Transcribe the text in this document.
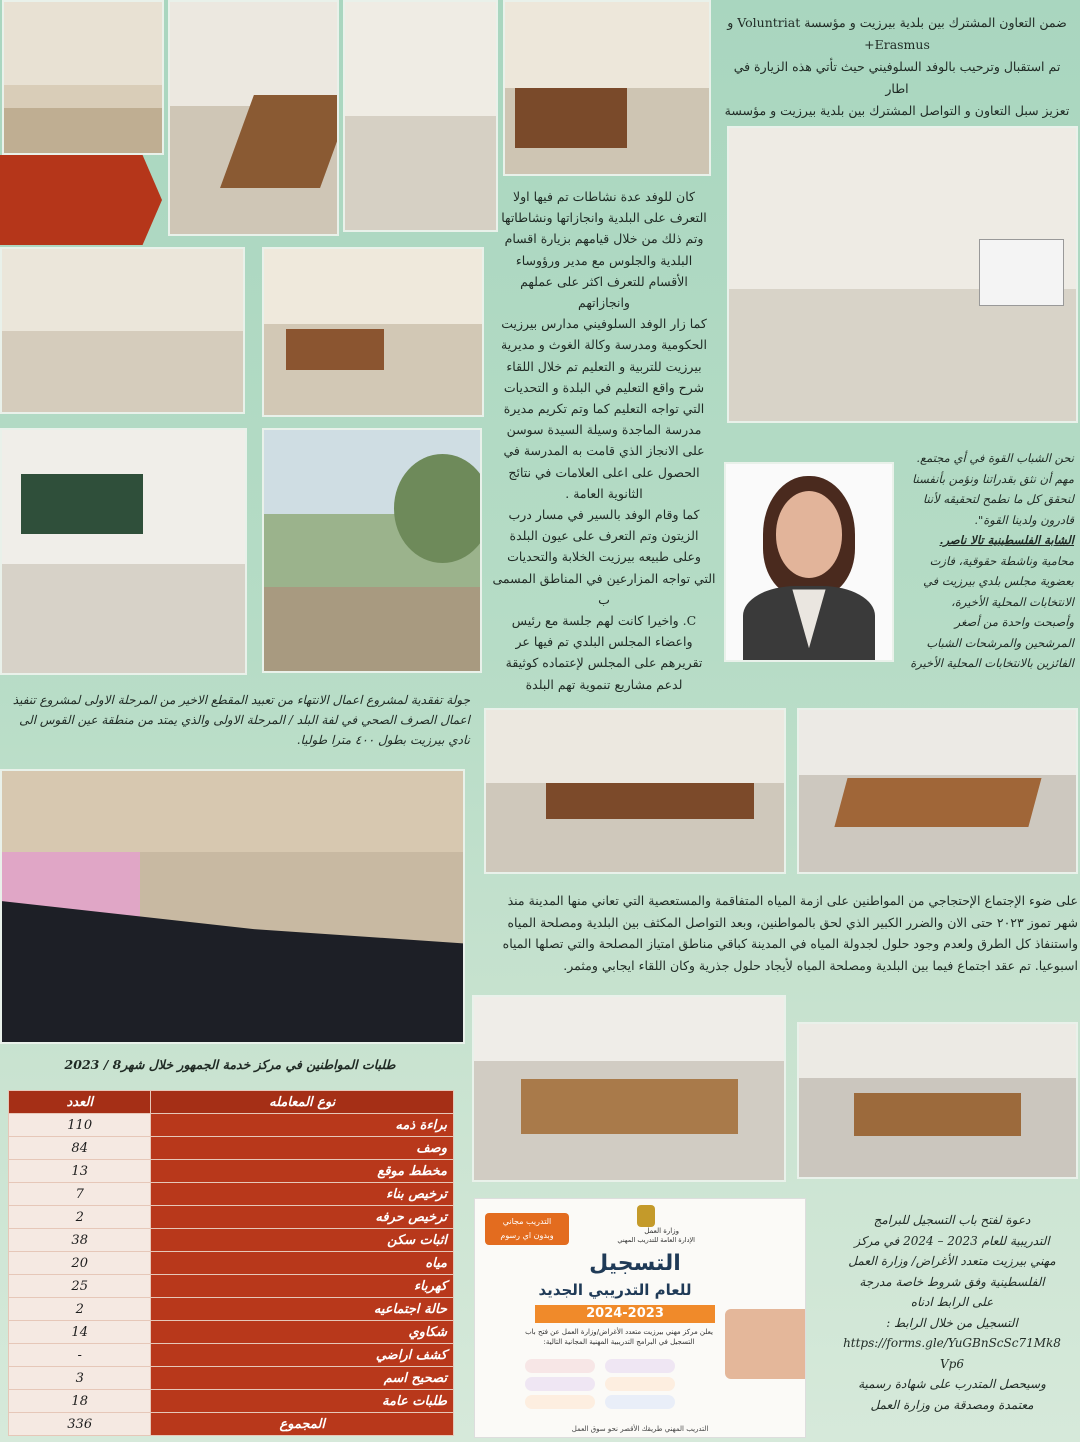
ضمن التعاون المشترك بين بلدية بيرزيت و مؤسسة Voluntriat و
Erasmus+
تم استقبال وترحيب بالوفد السلوفيني حيث تأتي هذه الزيارة في اطار
تعزيز سبل التعاون و التواصل المشترك بين بلدية بيرزيت و مؤسسة
كان للوفد عدة نشاطات تم فيها اولا
التعرف على البلدية وانجازاتها ونشاطاتها
وتم ذلك من خلال قيامهم بزيارة اقسام
البلدية والجلوس مع مدير ورؤوساء
الأقسام للتعرف اكثر على عملهم
وانجازاتهم
كما زار الوفد السلوفيني مدارس بيرزيت
الحكومية ومدرسة وكالة الغوث و مديرية
بيرزيت للتربية و التعليم تم خلال اللقاء
شرح واقع التعليم في البلدة و التحديات
التي تواجه التعليم كما وتم تكريم مديرة
مدرسة الماجدة وسيلة السيدة سوسن
على الانجاز الذي قامت به المدرسة في
الحصول على اعلى العلامات في نتائج
الثانوية العامة .
كما وقام الوفد بالسير في مسار درب
الزيتون وتم التعرف على عيون البلدة
وعلى طبيعه بيرزيت الخلابة والتحديات
التي تواجه المزارعين في المناطق المسمى ب
C. واخيرا كانت لهم جلسة مع رئيس
واعضاء المجلس البلدي تم فيها عر
تقريرهم على المجلس لإعتماده كوثيقة
لدعم مشاريع تنموية تهم البلدة
نحن الشباب القوة في أي مجتمع.
مهم أن نثق بقدراتنا ونؤمن بأنفسنا
لنحقق كل ما نطمح لتحقيقه لأننا
قادرون ولدينا القوة".
الشابة الفلسطينية تالا ناصر.
محامية وناشطة حقوقية، فازت
بعضوية مجلس بلدي بيرزيت في
الانتخابات المحلية الأخيرة،
وأصبحت واحدة من أصغر
المرشحين والمرشحات الشباب
الفائزين بالانتخابات المحلية الأخيرة
جولة تفقدية لمشروع اعمال الانتهاء من تعبيد المقطع الاخير من المرحلة الاولى لمشروع تنفيذ اعمال الصرف الصحي في لفة البلد / المرحلة الاولى والذي يمتد من منطقة عين القوس الى نادي بيرزيت بطول ٤٠٠ مترا طوليا.
على ضوء الإجتماع الإحتجاجي من المواطنين على ازمة المياه المتفاقمة والمستعصية التي تعاني منها المدينة منذ شهر تموز ٢٠٢٣ حتى الان والضرر الكبير الذي لحق بالمواطنين، وبعد التواصل المكثف بين البلدية ومصلحة المياه واستنفاذ كل الطرق ولعدم وجود حلول لجدولة المياه في المدينة كباقي مناطق امتياز المصلحة والتي تصلها المياه اسبوعيا. تم عقد اجتماع فيما بين البلدية ومصلحة المياه لأيجاد حلول جذرية وكان اللقاء ايجابي ومثمر.
طلبات المواطنين في مركز خدمة الجمهور خلال شهر8 / 2023
نوع المعامله	العدد
براءة ذمه	110
وصف	84
مخطط موقع	13
ترخيص بناء	7
ترخيص حرفه	2
اثبات سكن	38
مياه	20
كهرباء	25
حالة اجتماعيه	2
شكاوي	14
كشف اراضي	-
تصحيح اسم	3
طلبات عامة	18
المجموع	336
وزارة العمل
الإدارة العامة للتدريب المهني
التدريب مجاني
وبدون اي رسوم
التسجيل
للعام التدريبي الجديد
2024-2023
يعلن مركز مهني بيرزيت متعدد الأغراض/وزارة العمل عن فتح باب التسجيل في البرامج التدريبية المهنية المجانية التالية:
التدريب المهني طريقك الأقصر نحو سوق العمل
دعوة لفتح باب التسجيل للبرامج
التدريبية للعام 2023 – 2024 في مركز
مهني بيرزيت متعدد الأغراض/ وزارة العمل
الفلسطينية وفق شروط خاصة مدرجة
على الرابط ادناه
التسجيل من خلال الرابط :
https://forms.gle/YuGBnScSc71Mk8
Vp6
وسيحصل المتدرب على شهادة رسمية
معتمدة ومصدقة من وزارة العمل
